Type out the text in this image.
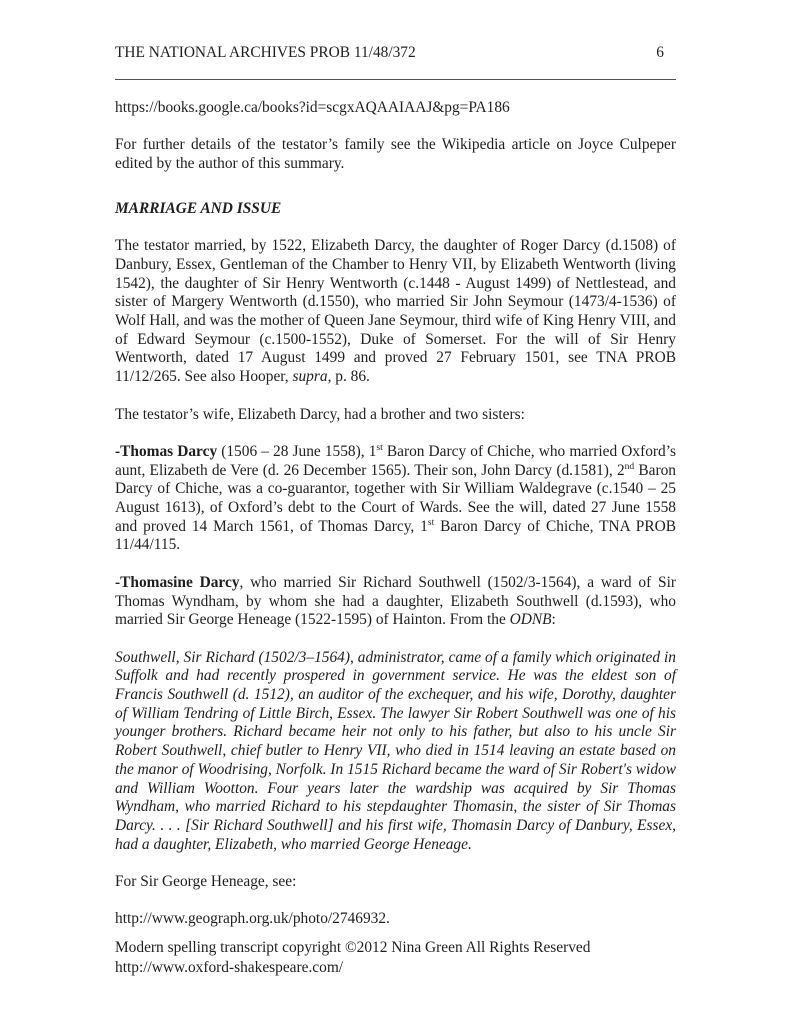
THE NATIONAL ARCHIVES PROB 11/48/372	6

https://books.google.ca/books?id=scgxAQAAIAAJ&pg=PA186

For further details of the testator’s family see the Wikipedia article on Joyce Culpeper edited by the author of this summary.

MARRIAGE AND ISSUE

The testator married, by 1522, Elizabeth Darcy, the daughter of Roger Darcy (d.1508) of Danbury, Essex, Gentleman of the Chamber to Henry VII, by Elizabeth Wentworth (living 1542), the daughter of Sir Henry Wentworth (c.1448 - August 1499) of Nettlestead, and sister of Margery Wentworth (d.1550), who married Sir John Seymour (1473/4-1536) of Wolf Hall, and was the mother of Queen Jane Seymour, third wife of King Henry VIII, and of Edward Seymour (c.1500-1552), Duke of Somerset. For the will of Sir Henry Wentworth, dated 17 August 1499 and proved 27 February 1501, see TNA PROB 11/12/265. See also Hooper, supra, p. 86.

The testator’s wife, Elizabeth Darcy, had a brother and two sisters:

-Thomas Darcy (1506 – 28 June 1558), 1st Baron Darcy of Chiche, who married Oxford’s aunt, Elizabeth de Vere (d. 26 December 1565). Their son, John Darcy (d.1581), 2nd Baron Darcy of Chiche, was a co-guarantor, together with Sir William Waldegrave (c.1540 – 25 August 1613), of Oxford’s debt to the Court of Wards. See the will, dated 27 June 1558 and proved 14 March 1561, of Thomas Darcy, 1st Baron Darcy of Chiche, TNA PROB 11/44/115.

-Thomasine Darcy, who married Sir Richard Southwell (1502/3-1564), a ward of Sir Thomas Wyndham, by whom she had a daughter, Elizabeth Southwell (d.1593), who married Sir George Heneage (1522-1595) of Hainton. From the ODNB:

Southwell, Sir Richard (1502/3–1564), administrator, came of a family which originated in Suffolk and had recently prospered in government service. He was the eldest son of Francis Southwell (d. 1512), an auditor of the exchequer, and his wife, Dorothy, daughter of William Tendring of Little Birch, Essex. The lawyer Sir Robert Southwell was one of his younger brothers. Richard became heir not only to his father, but also to his uncle Sir Robert Southwell, chief butler to Henry VII, who died in 1514 leaving an estate based on the manor of Woodrising, Norfolk. In 1515 Richard became the ward of Sir Robert's widow and William Wootton. Four years later the wardship was acquired by Sir Thomas Wyndham, who married Richard to his stepdaughter Thomasin, the sister of Sir Thomas Darcy. . . . [Sir Richard Southwell] and his first wife, Thomasin Darcy of Danbury, Essex, had a daughter, Elizabeth, who married George Heneage.

For Sir George Heneage, see:

http://www.geograph.org.uk/photo/2746932.

Modern spelling transcript copyright ©2012 Nina Green All Rights Reserved
http://www.oxford-shakespeare.com/
